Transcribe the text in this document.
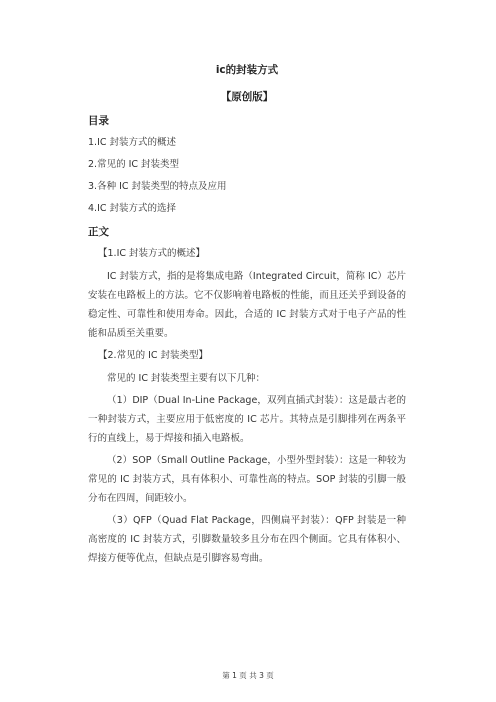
ic的封装方式
【原创版】
目录
1.IC 封装方式的概述
2.常见的 IC 封装类型
3.各种 IC 封装类型的特点及应用
4.IC 封装方式的选择
正文
【1.IC 封装方式的概述】
IC 封装方式，指的是将集成电路（Integrated Circuit，简称 IC）芯片安装在电路板上的方法。它不仅影响着电路板的性能，而且还关乎到设备的稳定性、可靠性和使用寿命。因此，合适的 IC 封装方式对于电子产品的性能和品质至关重要。
【2.常见的 IC 封装类型】
常见的 IC 封装类型主要有以下几种：
（1）DIP（Dual In-Line Package，双列直插式封装）：这是最古老的一种封装方式，主要应用于低密度的 IC 芯片。其特点是引脚排列在两条平行的直线上，易于焊接和插入电路板。
（2）SOP（Small Outline Package，小型外型封装）：这是一种较为常见的 IC 封装方式，具有体积小、可靠性高的特点。SOP 封装的引脚一般分布在四周，间距较小。
（3）QFP（Quad Flat Package，四侧扁平封装）：QFP 封装是一种高密度的 IC 封装方式，引脚数量较多且分布在四个侧面。它具有体积小、焊接方便等优点，但缺点是引脚容易弯曲。
第 1 页 共 3 页
